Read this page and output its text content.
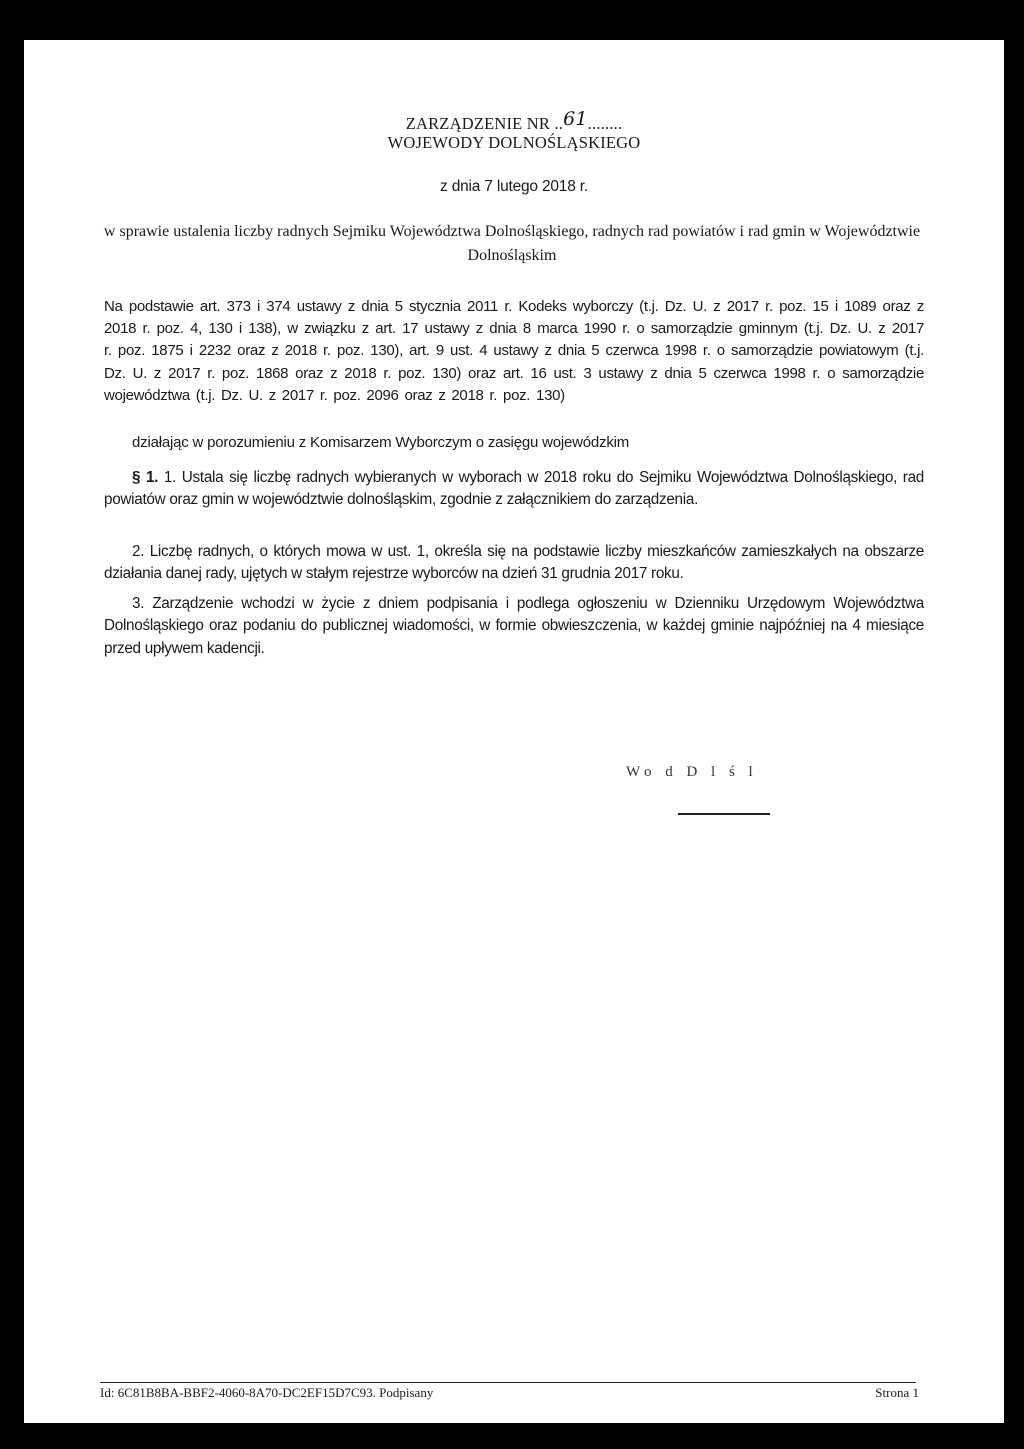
ZARZĄDZENIE NR ..61........
WOJEWODY DOLNOŚLĄSKIEGO
z dnia 7 lutego 2018 r.
w sprawie ustalenia liczby radnych Sejmiku Województwa Dolnośląskiego, radnych rad powiatów i rad gmin w Województwie Dolnośląskim
Na podstawie art. 373 i 374 ustawy z dnia 5 stycznia 2011 r. Kodeks wyborczy (t.j. Dz. U. z 2017 r. poz. 15 i 1089 oraz z 2018 r. poz. 4, 130 i 138), w związku z art. 17 ustawy z dnia 8 marca 1990 r. o samorządzie gminnym (t.j. Dz. U. z 2017 r. poz. 1875 i 2232 oraz z 2018 r. poz. 130), art. 9 ust. 4 ustawy z dnia 5 czerwca 1998 r. o samorządzie powiatowym (t.j. Dz. U. z 2017 r. poz. 1868 oraz z 2018 r. poz. 130) oraz art. 16 ust. 3 ustawy z dnia 5 czerwca 1998 r. o samorządzie województwa (t.j. Dz. U. z 2017 r. poz. 2096 oraz z 2018 r. poz. 130)
działając w porozumieniu z Komisarzem Wyborczym o zasięgu wojewódzkim
§ 1. 1. Ustala się liczbę radnych wybieranych w wyborach w 2018 roku do Sejmiku Województwa Dolnośląskiego, rad powiatów oraz gmin w województwie dolnośląskim, zgodnie z załącznikiem do zarządzenia.
2. Liczbę radnych, o których mowa w ust. 1, określa się na podstawie liczby mieszkańców zamieszkałych na obszarze działania danej rady, ujętych w stałym rejestrze wyborców na dzień 31 grudnia 2017 roku.
3. Zarządzenie wchodzi w życie z dniem podpisania i podlega ogłoszeniu w Dzienniku Urzędowym Województwa Dolnośląskiego oraz podaniu do publicznej wiadomości, w formie obwieszczenia, w każdej gminie najpóźniej na 4 miesiące przed upływem kadencji.
Wo d D l ś l
Id: 6C81B8BA-BBF2-4060-8A70-DC2EF15D7C93. Podpisany	Strona 1
